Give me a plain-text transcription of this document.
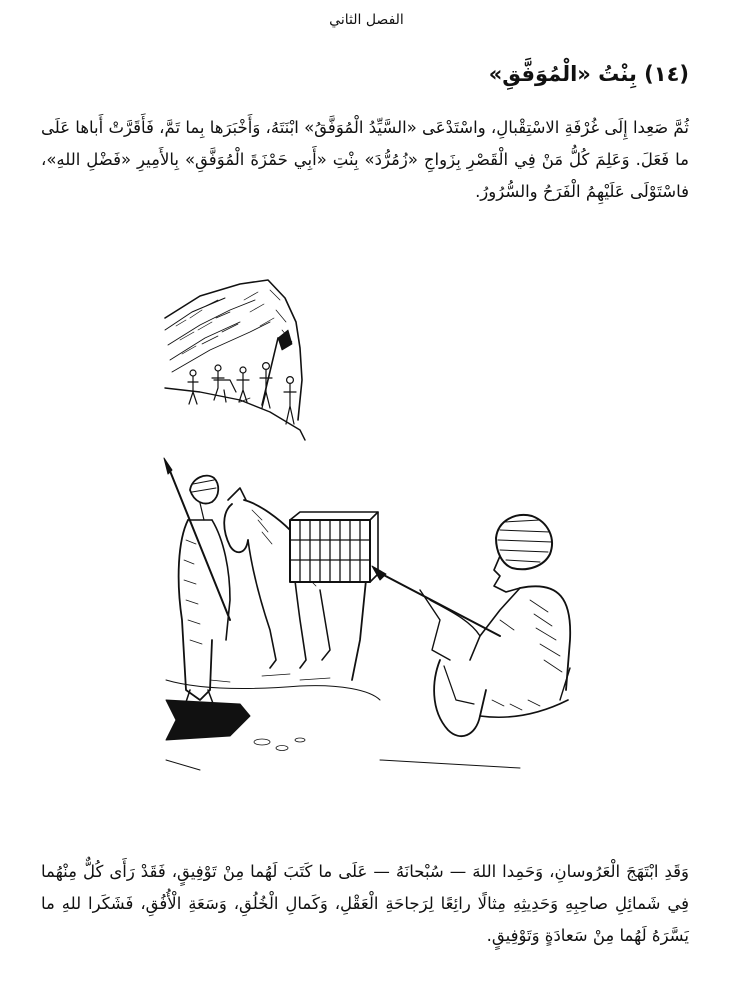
الفصل الثاني
(١٤) بِنْتُ «الْمُوَفَّقِ»
ثُمَّ صَعِدا إِلَى غُرْفَةِ الاسْتِقْبالِ، واسْتَدْعَى «السَّيِّدُ الْمُوَفَّقُ» ابْنَتَهُ، وَأَخْبَرَها بِما تَمَّ، فَأَقَرَّتْ أَباها عَلَى ما فَعَلَ. وَعَلِمَ كُلُّ مَنْ فِي الْقَصْرِ بِزَواجِ «زُمُرُّدَ» بِنْتِ «أَبِي حَمْزَةَ الْمُوَفَّقِ» بِالأَمِيرِ «فَضْلِ اللهِ»، فاسْتَوْلَى عَلَيْهِمُ الْفَرَحُ والسُّرُورُ.
وَقَدِ ابْتَهَجَ الْعَرُوسانِ، وَحَمِدا اللهَ — سُبْحانَهُ — عَلَى ما كَتَبَ لَهُما مِنْ تَوْفِيقٍ، فَقَدْ رَأَى كُلٌّ مِنْهُما فِي شَمائِلِ صاحِبِهِ وَحَدِيثِهِ مِثالًا رائِعًا لِرَجاحَةِ الْعَقْلِ، وَكَمالِ الْخُلُقِ، وَسَعَةِ الْأُفُقِ، فَشَكَرا للهِ ما يَسَّرَهُ لَهُما مِنْ سَعادَةٍ وَتَوْفِيقٍ.
